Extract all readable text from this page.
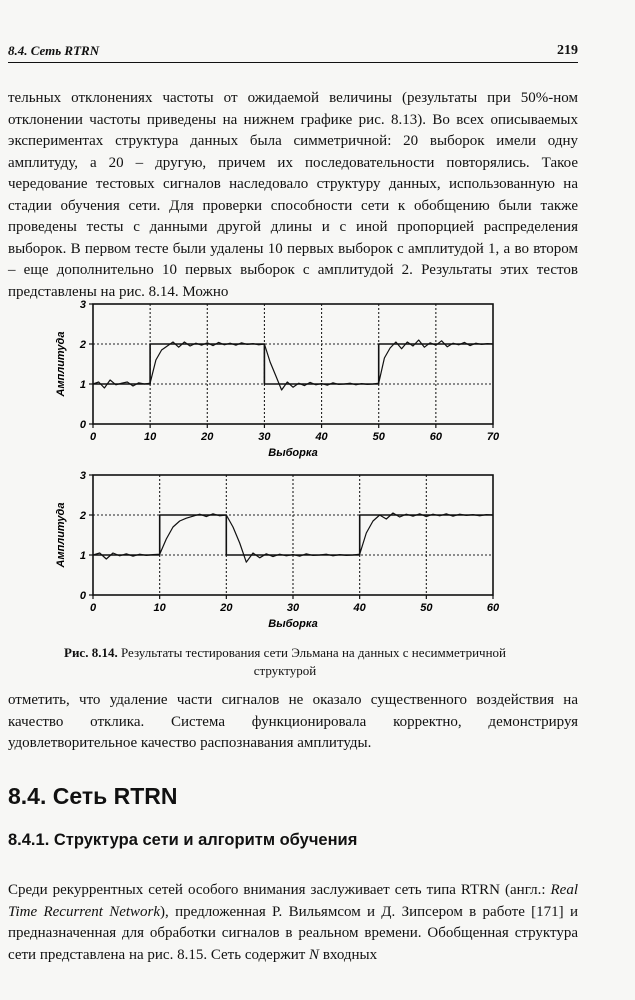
8.4. Сеть RTRN	219

тельных отклонениях частоты от ожидаемой величины (результаты при 50%-ном отклонении частоты приведены на нижнем графике рис. 8.13). Во всех описываемых экспериментах структура данных была симметричной: 20 выборок имели одну амплитуду, а 20 – другую, причем их последовательности повторялись. Такое чередование тестовых сигналов наследовало структуру данных, использованную на стадии обучения сети. Для проверки способности сети к обобщению были также проведены тесты с данными другой длины и с иной пропорцией распределения выборок. В первом тесте были удалены 10 первых выборок с амплитудой 1, а во втором – еще дополнительно 10 первых выборок с амплитудой 2. Результаты этих тестов представлены на рис. 8.14. Можно

0	10	20	30	40	50	60	70
0
1
2
3
Выборка
Амплитуда
0	10	20	30	40	50	60
0
1
2
3
Выборка
Амплитуда
Рис. 8.14. Результаты тестирования сети Эльмана на данных с несимметричной структурой

отметить, что удаление части сигналов не оказало существенного воздействия на качество отклика. Система функционировала корректно, демонстрируя удовлетворительное качество распознавания амплитуды.

8.4. Сеть RTRN
8.4.1. Структура сети и алгоритм обучения

Среди рекуррентных сетей особого внимания заслуживает сеть типа RTRN (англ.: Real Time Recurrent Network), предложенная Р. Вильямсом и Д. Зипсером в работе [171] и предназначенная для обработки сигналов в реальном времени. Обобщенная структура сети представлена на рис. 8.15. Сеть содержит N входных
